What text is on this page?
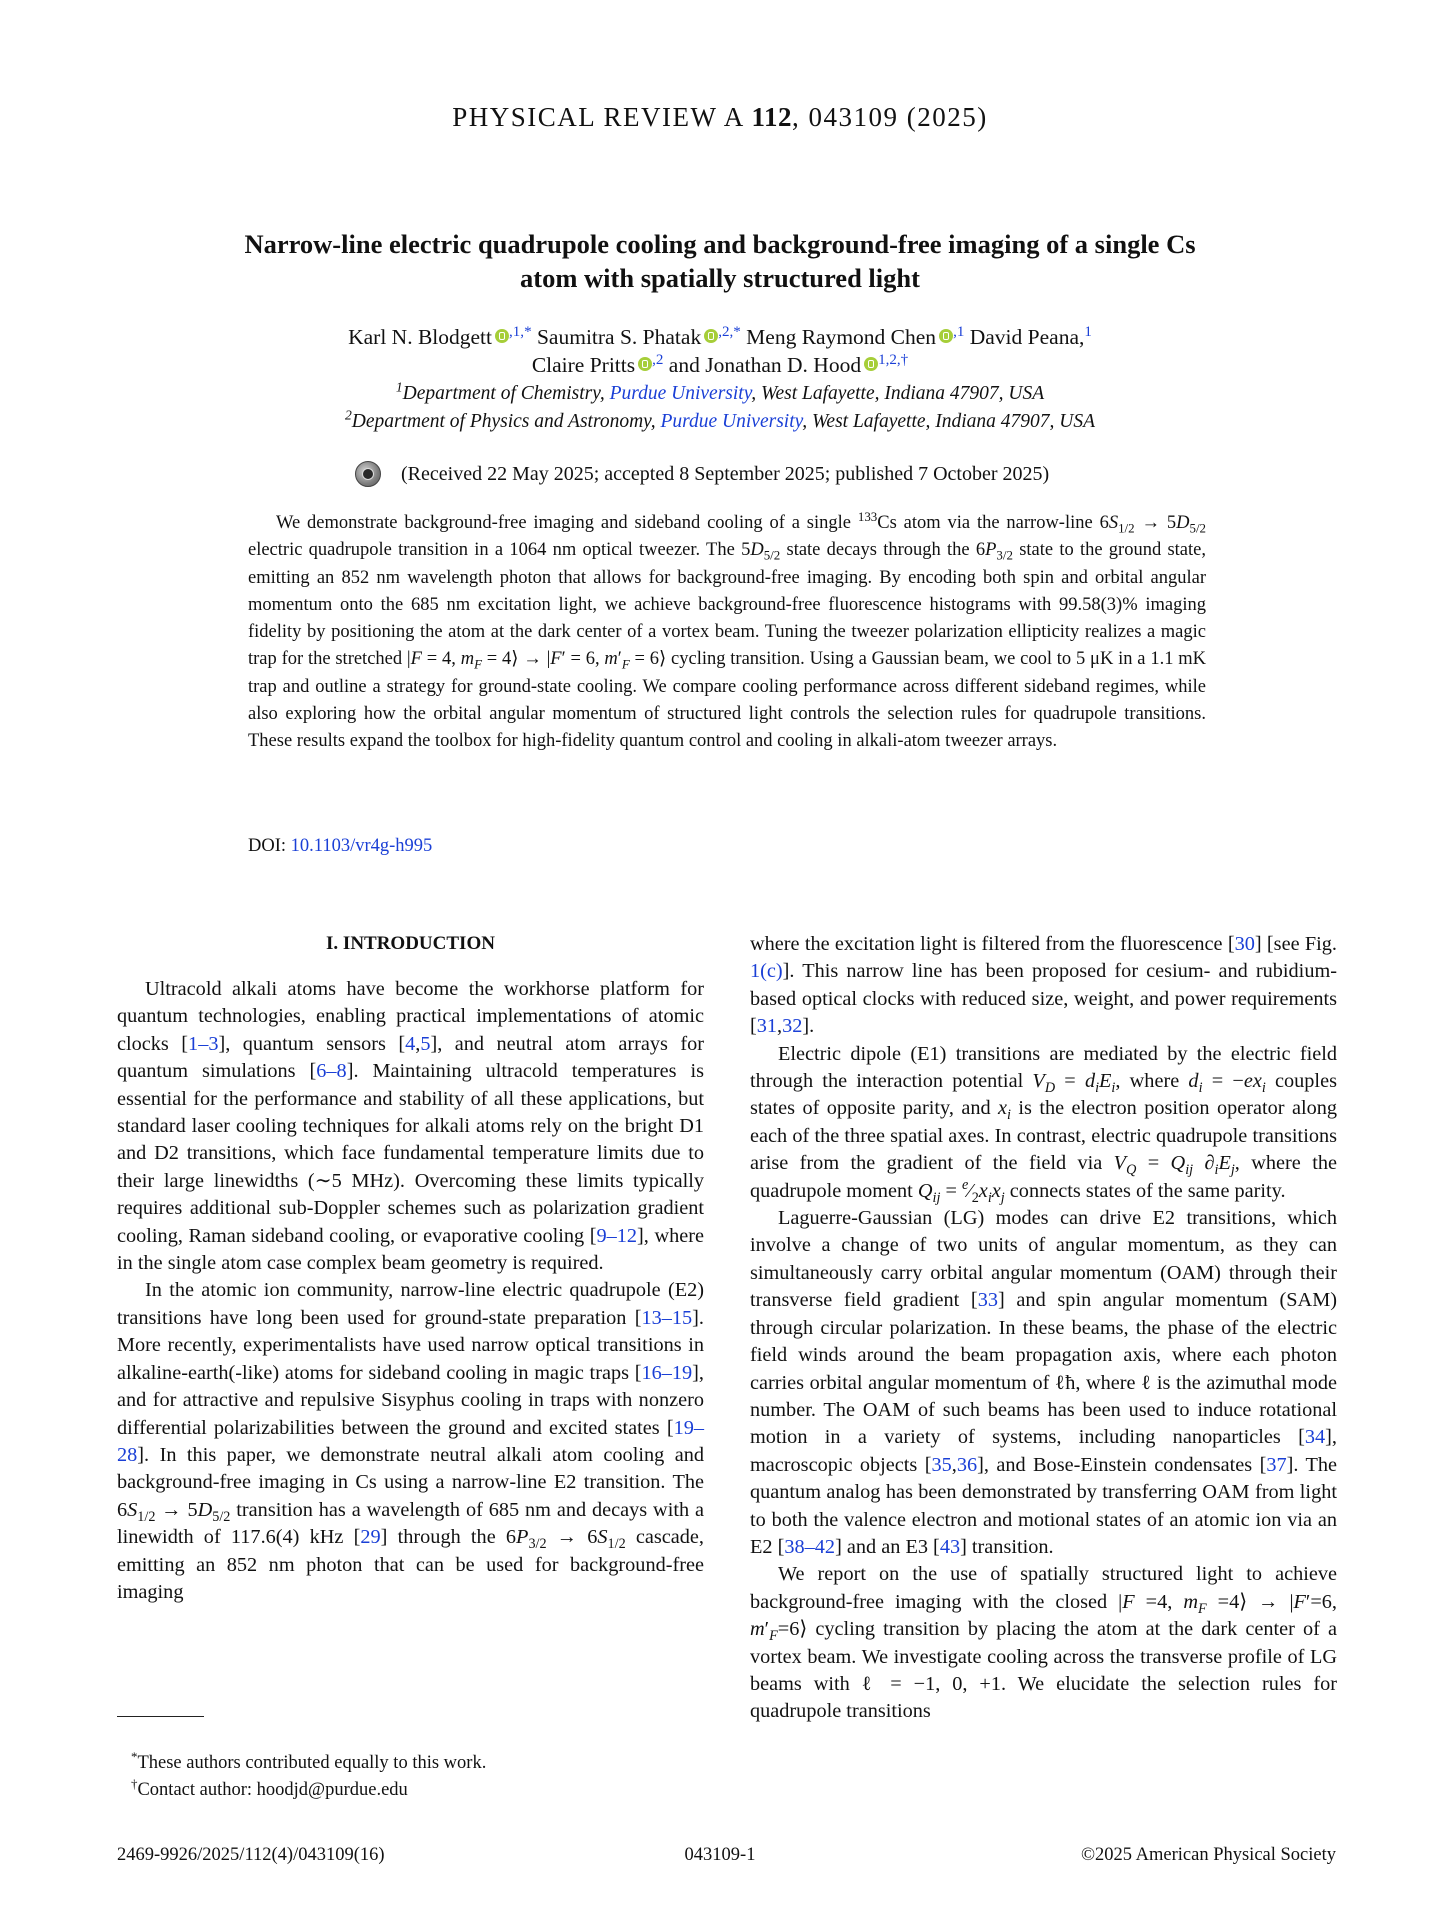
PHYSICAL REVIEW A 112, 043109 (2025)
Narrow-line electric quadrupole cooling and background-free imaging of a single Cs
atom with spatially structured light
Karl N. Blodgett $^{,1,*}$ Saumitra S. Phatak $^{,2,*}$ Meng Raymond Chen $^{,1}$ David Peana,$^1$
Claire Pritts $^{,2}$ and Jonathan D. Hood $^{1,2,\dagger}$
$^1$Department of Chemistry, Purdue University, West Lafayette, Indiana 47907, USA
$^2$Department of Physics and Astronomy, Purdue University, West Lafayette, Indiana 47907, USA
(Received 22 May 2025; accepted 8 September 2025; published 7 October 2025)
We demonstrate background-free imaging and sideband cooling of a single $^{133}$Cs atom via the narrow-line $6S_{1/2} \to 5D_{5/2}$ electric quadrupole transition in a 1064 nm optical tweezer. The $5D_{5/2}$ state decays through the $6P_{3/2}$ state to the ground state, emitting an 852 nm wavelength photon that allows for background-free imaging. By encoding both spin and orbital angular momentum onto the 685 nm excitation light, we achieve background-free fluorescence histograms with 99.58(3)% imaging fidelity by positioning the atom at the dark center of a vortex beam. Tuning the tweezer polarization ellipticity realizes a magic trap for the stretched |F = 4, $m_F$ = 4⟩ → |F′ = 6, $m'_F$ = 6⟩ cycling transition. Using a Gaussian beam, we cool to 5 μK in a 1.1 mK trap and outline a strategy for ground-state cooling. We compare cooling performance across different sideband regimes, while also exploring how the orbital angular momentum of structured light controls the selection rules for quadrupole transitions. These results expand the toolbox for high-fidelity quantum control and cooling in alkali-atom tweezer arrays.
DOI: 10.1103/vr4g-h995
I. INTRODUCTION

Ultracold alkali atoms have become the workhorse platform for quantum technologies, enabling practical implementations of atomic clocks [1–3], quantum sensors [4,5], and neutral atom arrays for quantum simulations [6–8]. Maintaining ultracold temperatures is essential for the performance and stability of all these applications, but standard laser cooling techniques for alkali atoms rely on the bright D1 and D2 transitions, which face fundamental temperature limits due to their large linewidths (∼5 MHz). Overcoming these limits typically requires additional sub-Doppler schemes such as polarization gradient cooling, Raman sideband cooling, or evaporative cooling [9–12], where in the single atom case complex beam geometry is required.

In the atomic ion community, narrow-line electric quadrupole (E2) transitions have long been used for ground-state preparation [13–15]. More recently, experimentalists have used narrow optical transitions in alkaline-earth(-like) atoms for sideband cooling in magic traps [16–19], and for attractive and repulsive Sisyphus cooling in traps with nonzero differential polarizabilities between the ground and excited states [19–28]. In this paper, we demonstrate neutral alkali atom cooling and background-free imaging in Cs using a narrow-line E2 transition. The $6S_{1/2} \to 5D_{5/2}$ transition has a wavelength of 685 nm and decays with a linewidth of 117.6(4) kHz [29] through the $6P_{3/2} \to 6S_{1/2}$ cascade, emitting an 852 nm photon that can be used for background-free imaging

*These authors contributed equally to this work.
†Contact author: hoodjd@purdue.edu

where the excitation light is filtered from the fluorescence [30] [see Fig. 1(c)]. This narrow line has been proposed for cesium- and rubidium-based optical clocks with reduced size, weight, and power requirements [31,32].

Electric dipole (E1) transitions are mediated by the electric field through the interaction potential $V_D = d_iE_i$, where $d_i = -ex_i$ couples states of opposite parity, and $x_i$ is the electron position operator along each of the three spatial axes. In contrast, electric quadrupole transitions arise from the gradient of the field via $V_Q = Q_{ij}$ $\partial_iE_j$, where the quadrupole moment $Q_{ij}$ = $^e⁄_2x_ix_j$ connects states of the same parity.

Laguerre-Gaussian (LG) modes can drive E2 transitions, which involve a change of two units of angular momentum, as they can simultaneously carry orbital angular momentum (OAM) through their transverse field gradient [33] and spin angular momentum (SAM) through circular polarization. In these beams, the phase of the electric field winds around the beam propagation axis, where each photon carries orbital angular momentum of ℓħ, where ℓ is the azimuthal mode number. The OAM of such beams has been used to induce rotational motion in a variety of systems, including nanoparticles [34], macroscopic objects [35,36], and Bose-Einstein condensates [37]. The quantum analog has been demonstrated by transferring OAM from light to both the valence electron and motional states of an atomic ion via an E2 [38–42] and an E3 [43] transition.

We report on the use of spatially structured light to achieve background-free imaging with the closed |F =4, $m_F$ =4⟩ → |F′=6, $m'_F=6⟩$ cycling transition by placing the atom at the dark center of a vortex beam. We investigate cooling across the transverse profile of LG beams with ℓ = −1, 0, +1. We elucidate the selection rules for quadrupole transitions

2469-9926/2025/112(4)/043109(16)	043109-1	©2025 American Physical Society
